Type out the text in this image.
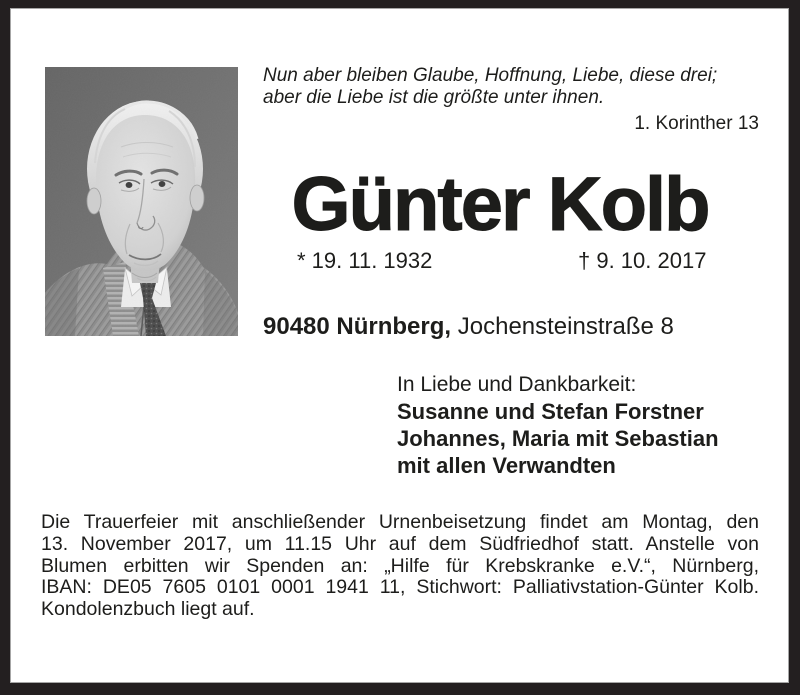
Nun aber bleiben Glaube, Hoffnung, Liebe, diese drei;
aber die Liebe ist die größte unter ihnen.
1. Korinther 13
Günter Kolb
* 19. 11. 1932	† 9. 10. 2017
90480 Nürnberg, Jochensteinstraße 8
In Liebe und Dankbarkeit:
Susanne und Stefan Forstner
Johannes, Maria mit Sebastian
mit allen Verwandten
Die Trauerfeier mit anschließender Urnenbeisetzung findet am Montag, den
13. November 2017, um 11.15 Uhr auf dem Südfriedhof statt. Anstelle von
Blumen erbitten wir Spenden an: „Hilfe für Krebskranke e.V.“, Nürnberg,
IBAN: DE05 7605 0101 0001 1941 11, Stichwort: Palliativstation-Günter Kolb.
Kondolenzbuch liegt auf.
